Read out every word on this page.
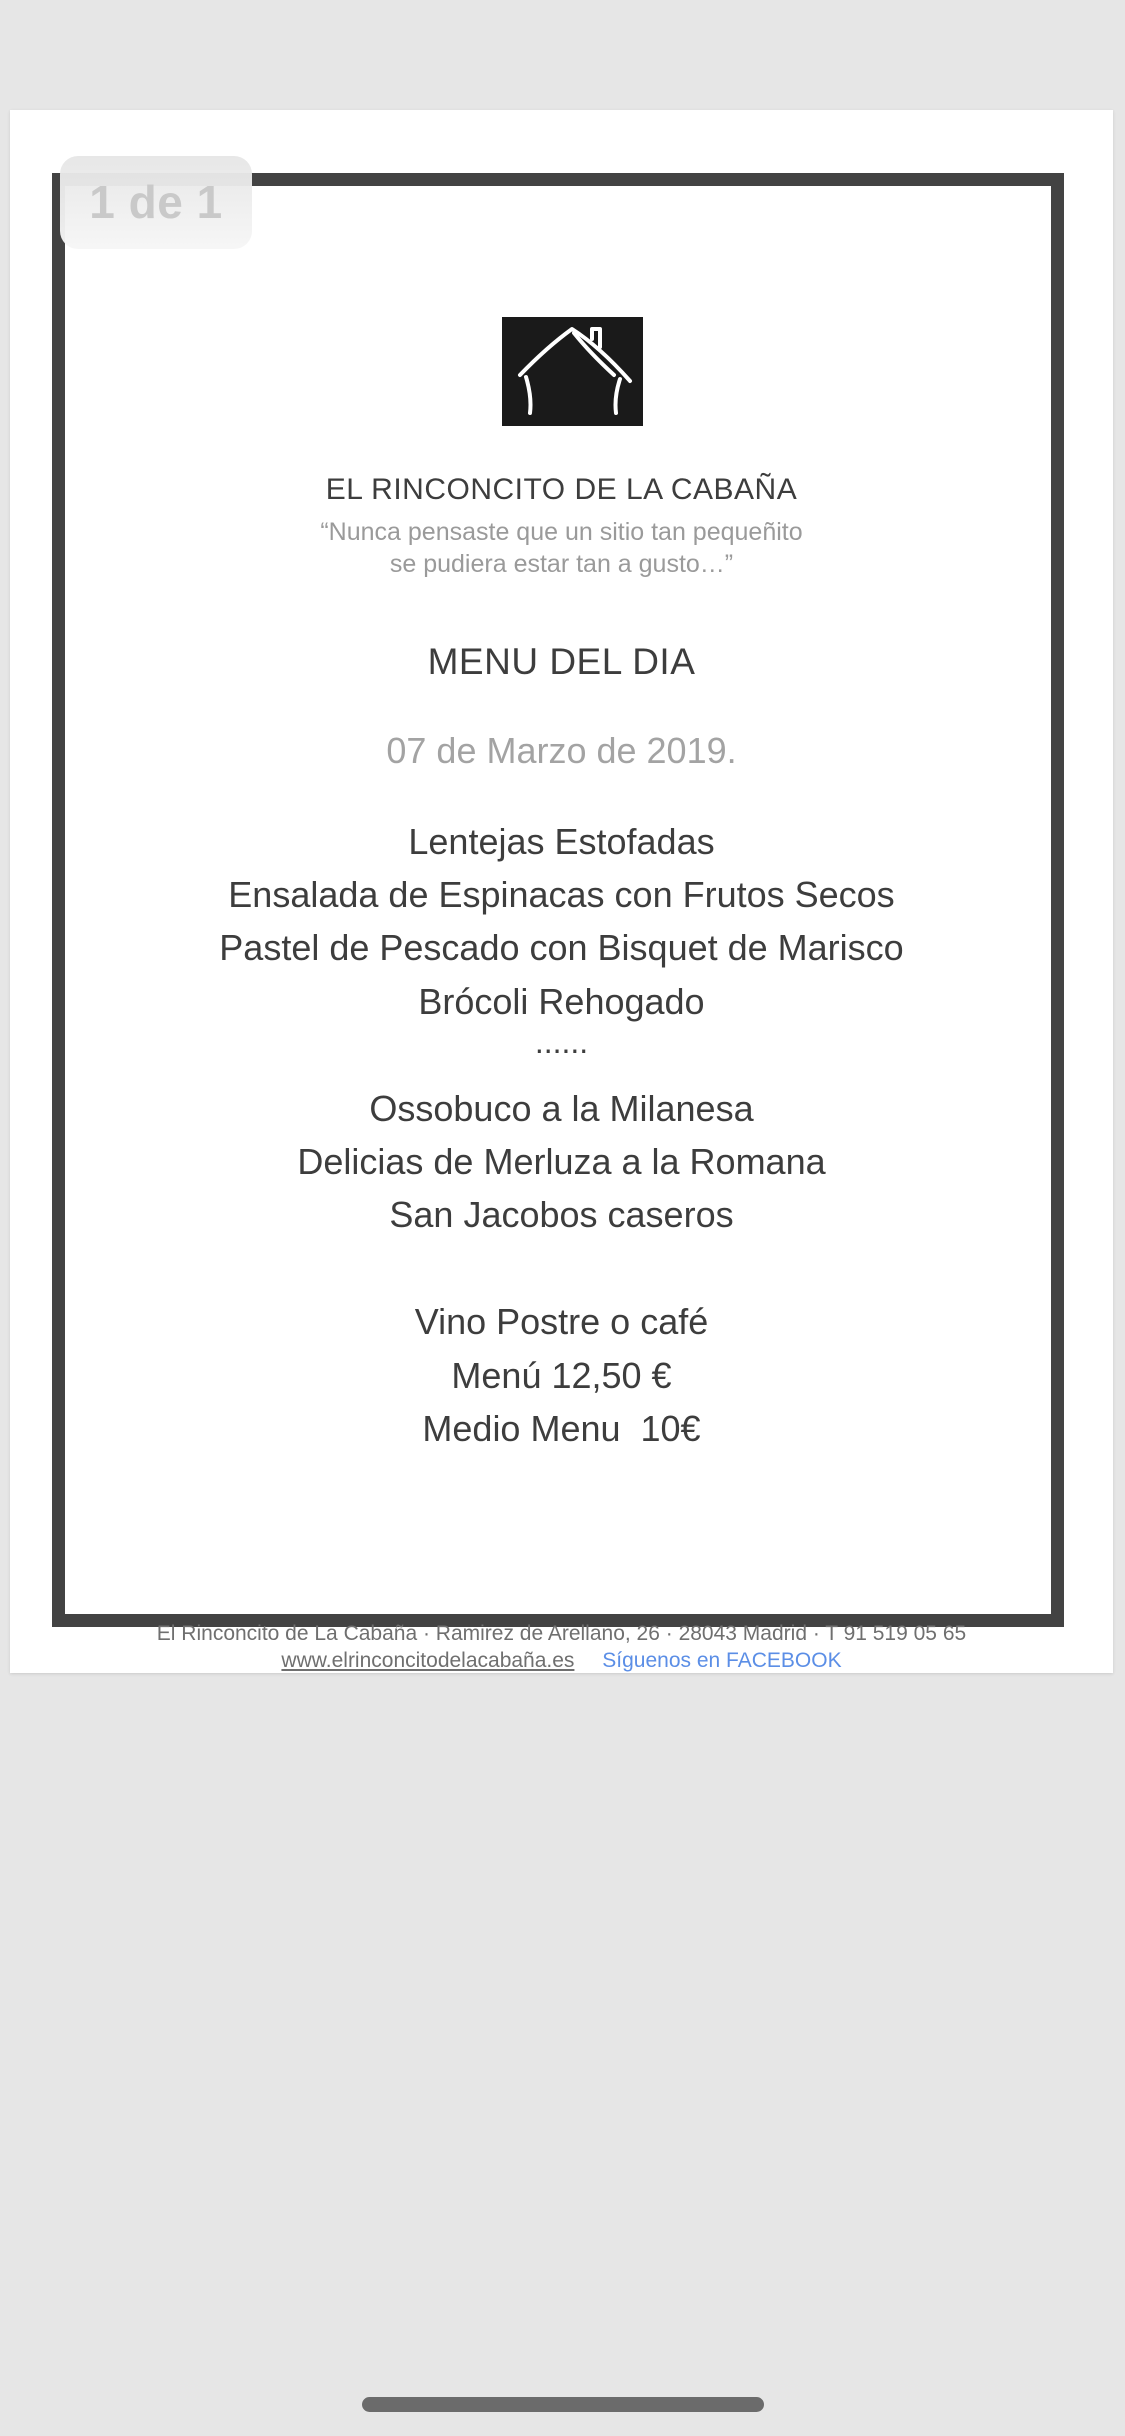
1 de 1
EL RINCONCITO DE LA CABAÑA
“Nunca pensaste que un sitio tan pequeñito
se pudiera estar tan a gusto…”
MENU DEL DIA
07 de Marzo de 2019.
Lentejas Estofadas
Ensalada de Espinacas con Frutos Secos
Pastel de Pescado con Bisquet de Marisco
Brócoli Rehogado
......
Ossobuco a la Milanesa
Delicias de Merluza a la Romana
San Jacobos caseros
Vino Postre o café
Menú 12,50 €
Medio Menu  10€
El Rinconcito de La Cabaña · Ramirez de Arellano, 26 · 28043 Madrid · T 91 519 05 65
www.elrinconcitodelacabaña.es Síguenos en FACEBOOK
